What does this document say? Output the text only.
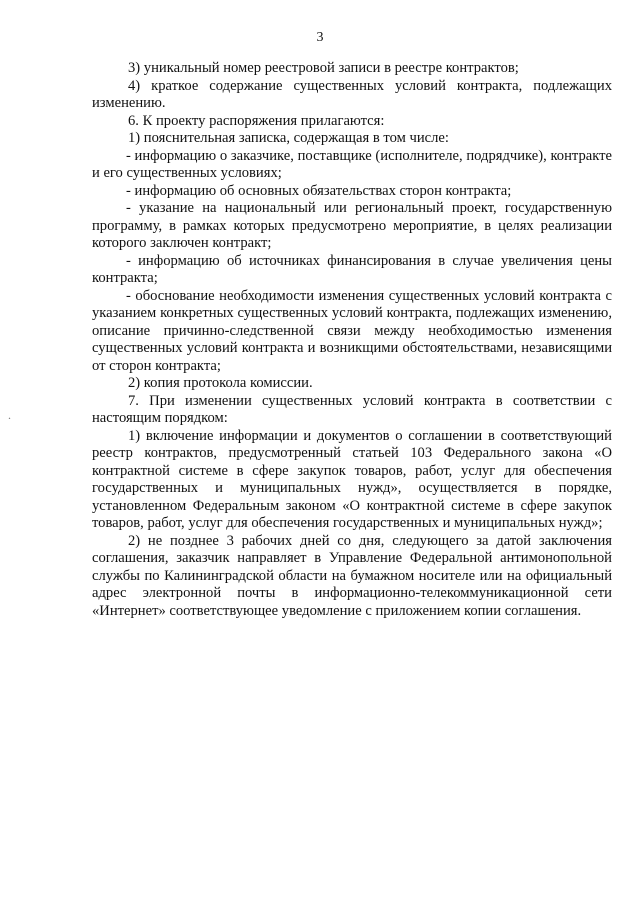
3
.

3) уникальный номер реестровой записи в реестре контрактов;

4) краткое содержание существенных условий контракта, подлежащих изменению.

6. К проекту распоряжения прилагаются:

1) пояснительная записка, содержащая в том числе:

- информацию о заказчике, поставщике (исполнителе, подрядчике), контракте и его существенных условиях;

- информацию об основных обязательствах сторон контракта;

- указание на национальный или региональный проект, государственную программу, в рамках которых предусмотрено мероприятие, в целях реализации которого заключен контракт;

- информацию об источниках финансирования в случае увеличения цены контракта;

- обоснование необходимости изменения существенных условий контракта с указанием конкретных существенных условий контракта, подлежащих изменению, описание причинно-следственной связи между необходимостью изменения существенных условий контракта и возникщими обстоятельствами, независящими от сторон контракта;

2) копия протокола комиссии.

7. При изменении существенных условий контракта в соответствии с настоящим порядком:

1) включение информации и документов о соглашении в соответствующий реестр контрактов, предусмотренный статьей 103 Федерального закона «О контрактной системе в сфере закупок товаров, работ, услуг для обеспечения государственных и муниципальных нужд», осуществляется в порядке, установленном Федеральным законом «О контрактной системе в сфере закупок товаров, работ, услуг для обеспечения государственных и муниципальных нужд»;

2) не позднее 3 рабочих дней со дня, следующего за датой заключения соглашения, заказчик направляет в Управление Федеральной антимонопольной службы по Калининградской области на бумажном носителе или на официальный адрес электронной почты в информационно-телекоммуникационной сети «Интернет» соответствующее уведомление с приложением копии соглашения.
